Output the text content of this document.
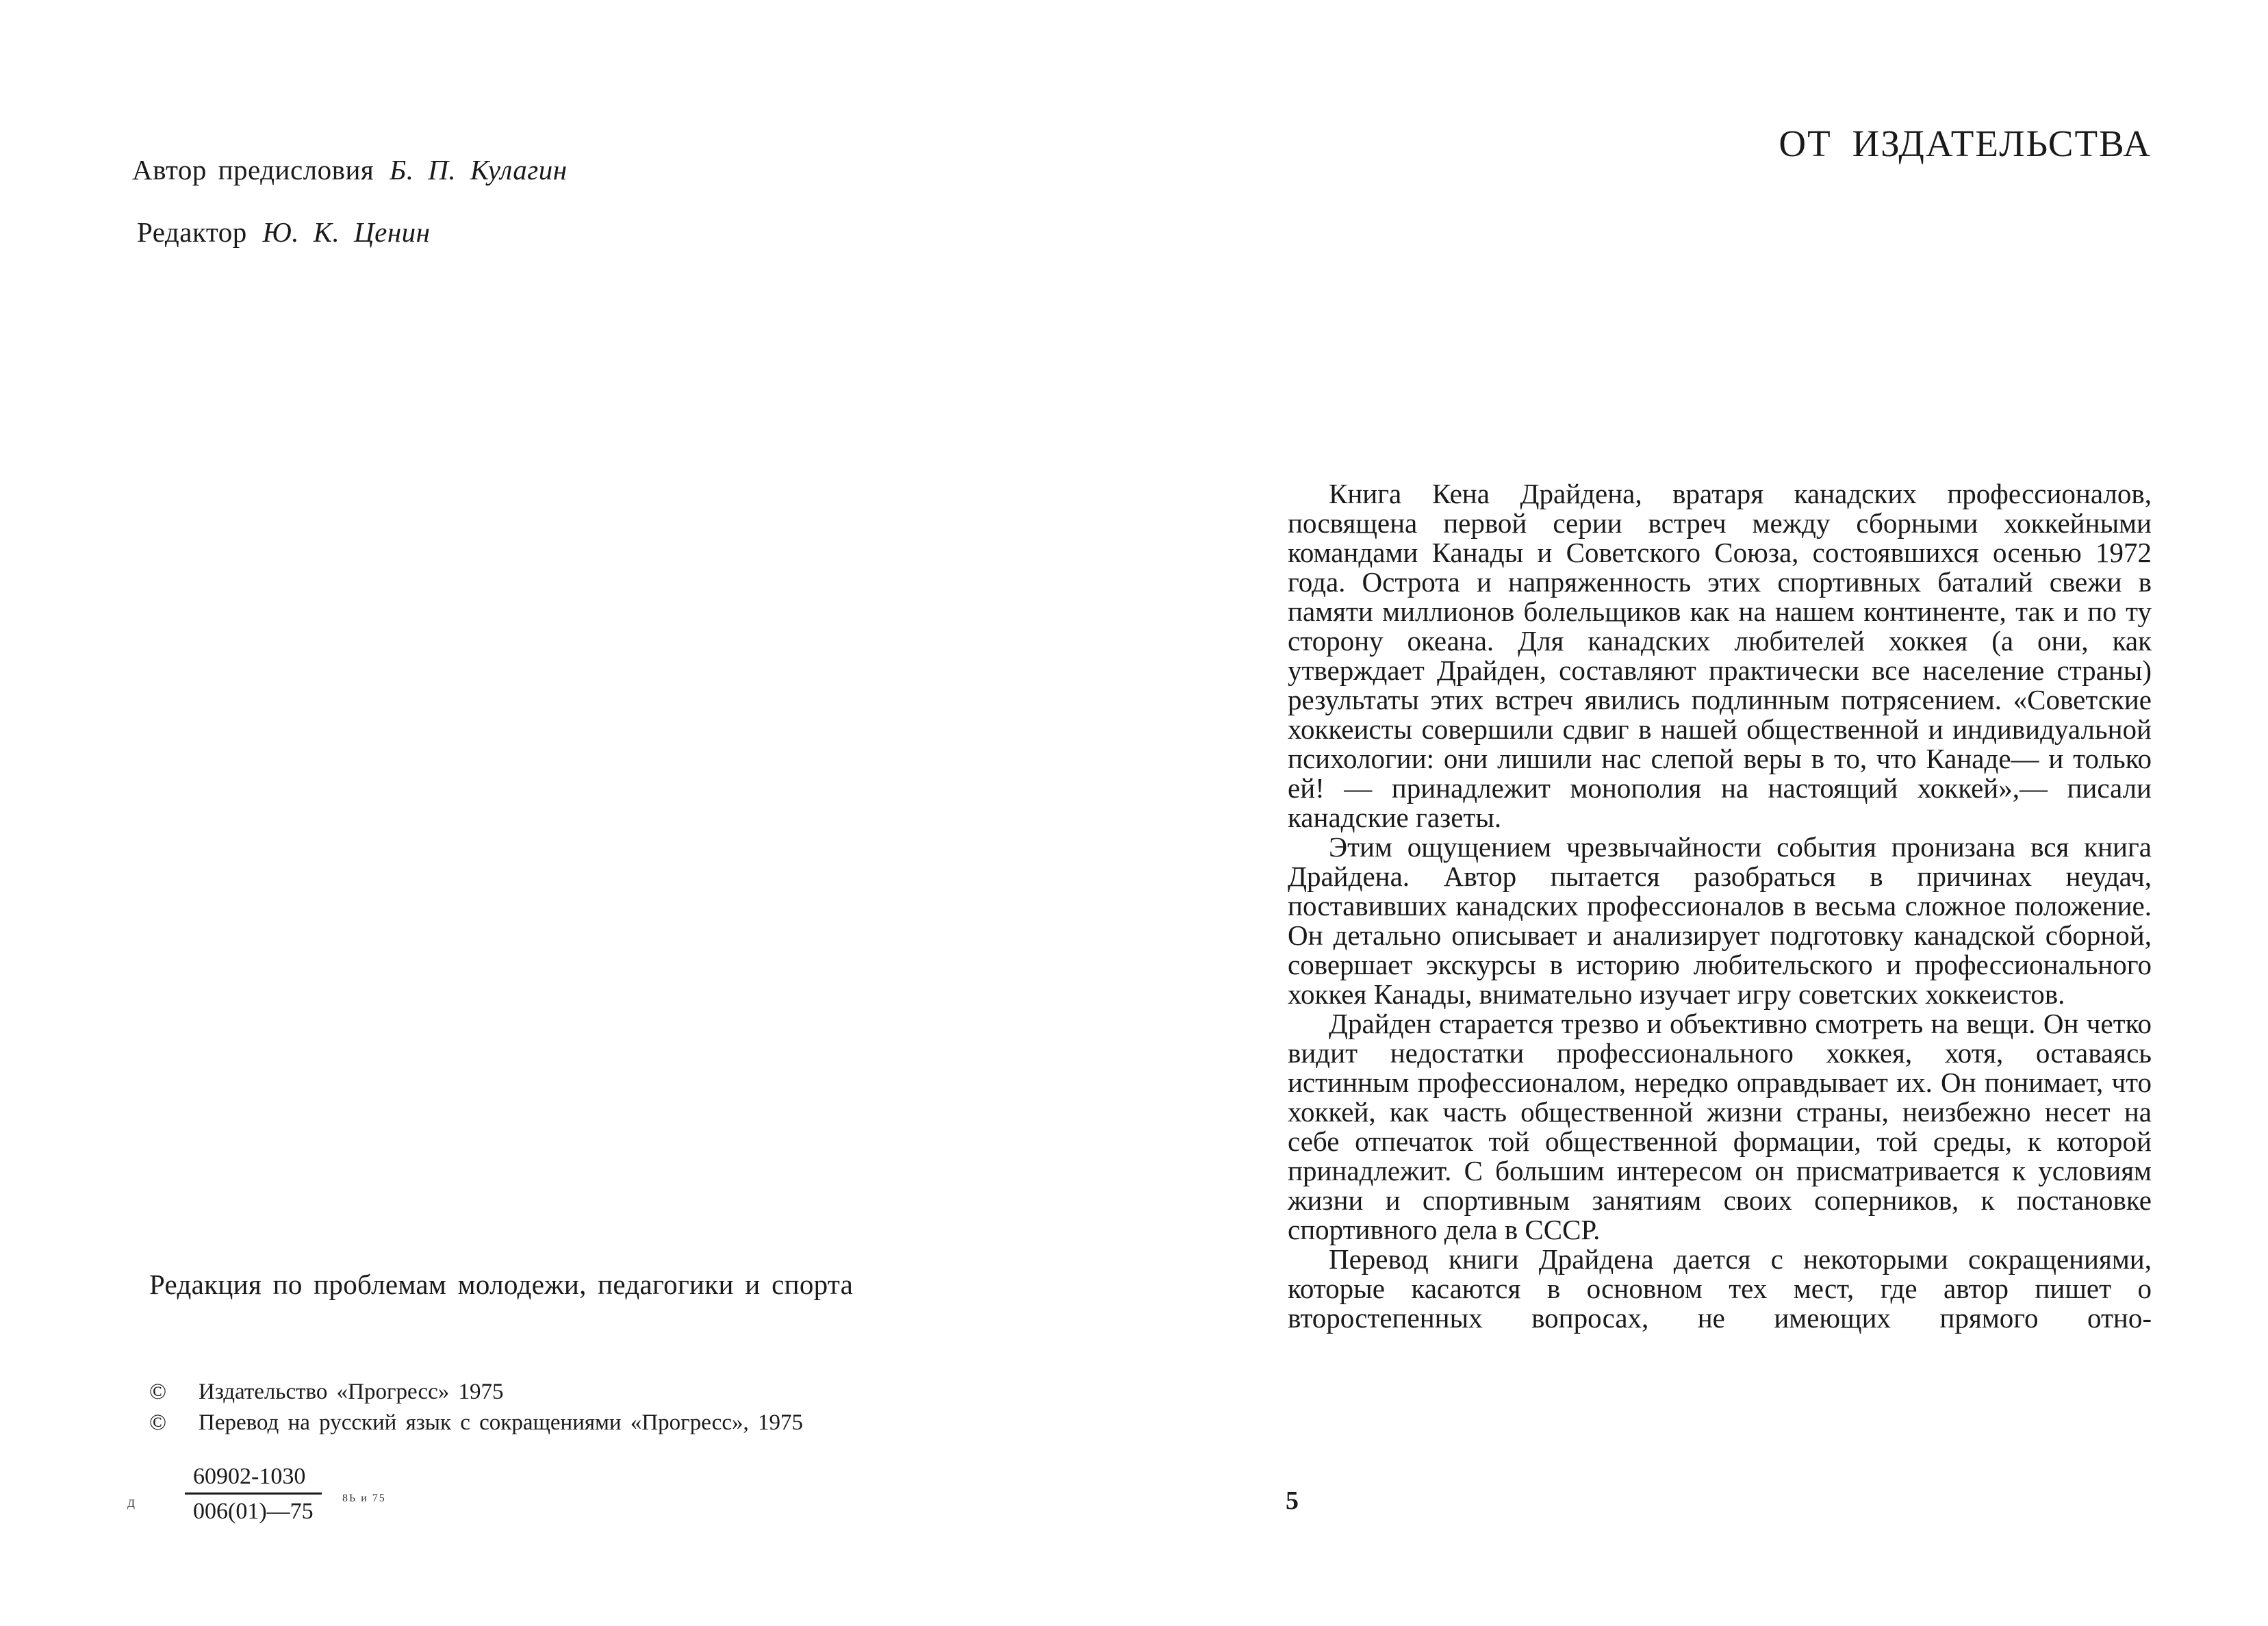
Автор предисловия Б. П. Кулагин
Редактор Ю. К. Ценин
Редакция по проблемам молодежи, педагогики и спорта
© Издательство «Прогресс» 1975
© Перевод на русский язык с сокращениями «Прогресс», 1975
Д $\frac{60902-1030}{006(01)—75} 8Ь$ и 75
ОТ ИЗДАТЕЛЬСТВА

Книга Кена Драйдена, вратаря канадских профессионалов, посвящена первой серии встреч между сборными хоккейными командами Канады и Советского Союза, состоявшихся осенью 1972 года. Острота и напряженность этих спортивных баталий свежи в памяти миллионов болельщиков как на нашем континенте, так и по ту сторону океана. Для канадских любителей хоккея (а они, как утверждает Драйден, составляют практически все население страны) результаты этих встреч явились подлинным потрясением. «Советские хоккеисты совершили сдвиг в нашей общественной и индивидуальной психологии: они лишили нас слепой веры в то, что Канаде— и только ей! — принадлежит монополия на настоящий хоккей»,— писали канадские газеты.

Этим ощущением чрезвычайности события пронизана вся книга Драйдена. Автор пытается разобраться в причинах неудач, поставивших канадских профессионалов в весьма сложное положение. Он детально описывает и анализирует подготовку канадской сборной, совершает экскурсы в историю любительского и профессионального хоккея Канады, внимательно изучает игру советских хоккеистов.

Драйден старается трезво и объективно смотреть на вещи. Он четко видит недостатки профессионального хоккея, хотя, оставаясь истинным профессионалом, нередко оправдывает их. Он понимает, что хоккей, как часть общественной жизни страны, неизбежно несет на себе отпечаток той общественной формации, той среды, к которой принадлежит. С большим интересом он присматривается к условиям жизни и спортивным занятиям своих соперников, к постановке спортивного дела в СССР.

Перевод книги Драйдена дается с некоторыми сокращениями, которые касаются в основном тех мест, где автор пишет о второстепенных вопросах, не имеющих прямого отно-

5
